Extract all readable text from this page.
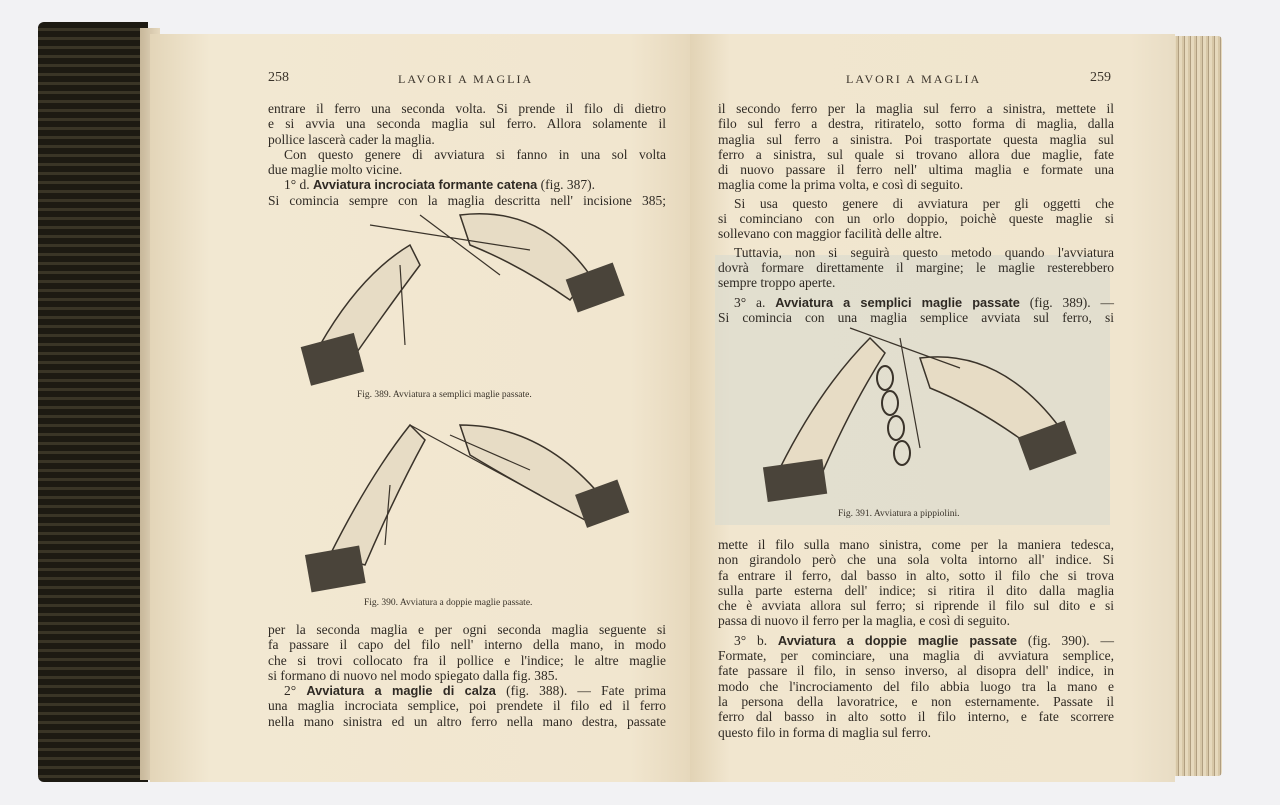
258	LAVORI A MAGLIA
entrare il ferro una seconda volta. Si prende il filo di dietro
e si avvia una seconda maglia sul ferro. Allora solamente il
pollice lascerà cader la maglia.
Con questo genere di avviatura si fanno in una sol volta
due maglie molto vicine.
1° d. Avviatura incrociata formante catena (fig. 387).
Si comincia sempre con la maglia descritta nell' incisione 385;
Fig. 389. Avviatura a semplici maglie passate.
Fig. 390. Avviatura a doppie maglie passate.
per la seconda maglia e per ogni seconda maglia seguente si
fa passare il capo del filo nell' interno della mano, in modo
che si trovi collocato fra il pollice e l'indice; le altre maglie
si formano di nuovo nel modo spiegato dalla fig. 385.
2° Avviatura a maglie di calza (fig. 388). — Fate prima
una maglia incrociata semplice, poi prendete il filo ed il ferro
nella mano sinistra ed un altro ferro nella mano destra, passate
LAVORI A MAGLIA	259
il secondo ferro per la maglia sul ferro a sinistra, mettete il
filo sul ferro a destra, ritiratelo, sotto forma di maglia, dalla
maglia sul ferro a sinistra. Poi trasportate questa maglia sul
ferro a sinistra, sul quale si trovano allora due maglie, fate
di nuovo passare il ferro nell' ultima maglia e formate una
maglia come la prima volta, e così di seguito.
Si usa questo genere di avviatura per gli oggetti che
si cominciano con un orlo doppio, poichè queste maglie si
sollevano con maggior facilità delle altre.
Tuttavia, non si seguirà questo metodo quando l'avviatura
dovrà formare direttamente il margine; le maglie resterebbero
sempre troppo aperte.
3° a. Avviatura a semplici maglie passate (fig. 389). —
Si comincia con una maglia semplice avviata sul ferro, si
Fig. 391. Avviatura a pippiolini.
mette il filo sulla mano sinistra, come per la maniera tedesca,
non girandolo però che una sola volta intorno all' indice. Si
fa entrare il ferro, dal basso in alto, sotto il filo che si trova
sulla parte esterna dell' indice; si ritira il dito dalla maglia
che è avviata allora sul ferro; si riprende il filo sul dito e si
passa di nuovo il ferro per la maglia, e così di seguito.
3° b. Avviatura a doppie maglie passate (fig. 390). —
Formate, per cominciare, una maglia di avviatura semplice,
fate passare il filo, in senso inverso, al disopra dell' indice, in
modo che l'incrociamento del filo abbia luogo tra la mano e
la persona della lavoratrice, e non esternamente. Passate il
ferro dal basso in alto sotto il filo interno, e fate scorrere
questo filo in forma di maglia sul ferro.
